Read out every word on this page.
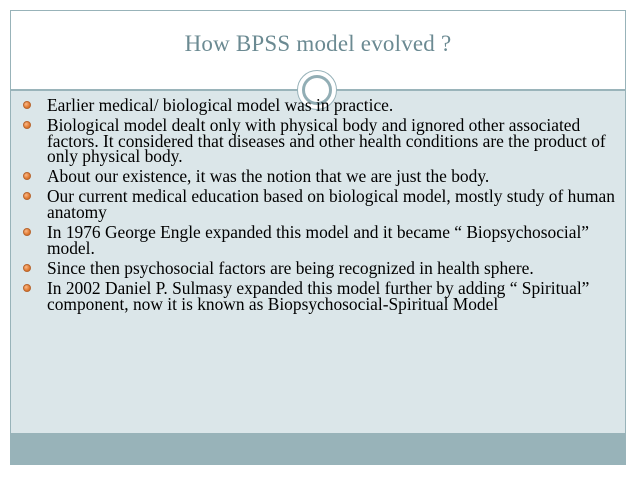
How BPSS model evolved ?
Earlier medical/ biological model was in practice.
Biological model dealt only with physical body and ignored other associated factors. It considered that diseases and other health conditions are the product of only physical body.
About our existence, it was the notion that we are just the body.
Our current medical education based on biological model, mostly study of human anatomy
In 1976 George Engle expanded this model and it became “ Biopsychosocial” model.
Since then psychosocial factors are being recognized in health sphere.
In 2002 Daniel P. Sulmasy expanded this model further by adding “ Spiritual” component, now it is known as Biopsychosocial-Spiritual Model
